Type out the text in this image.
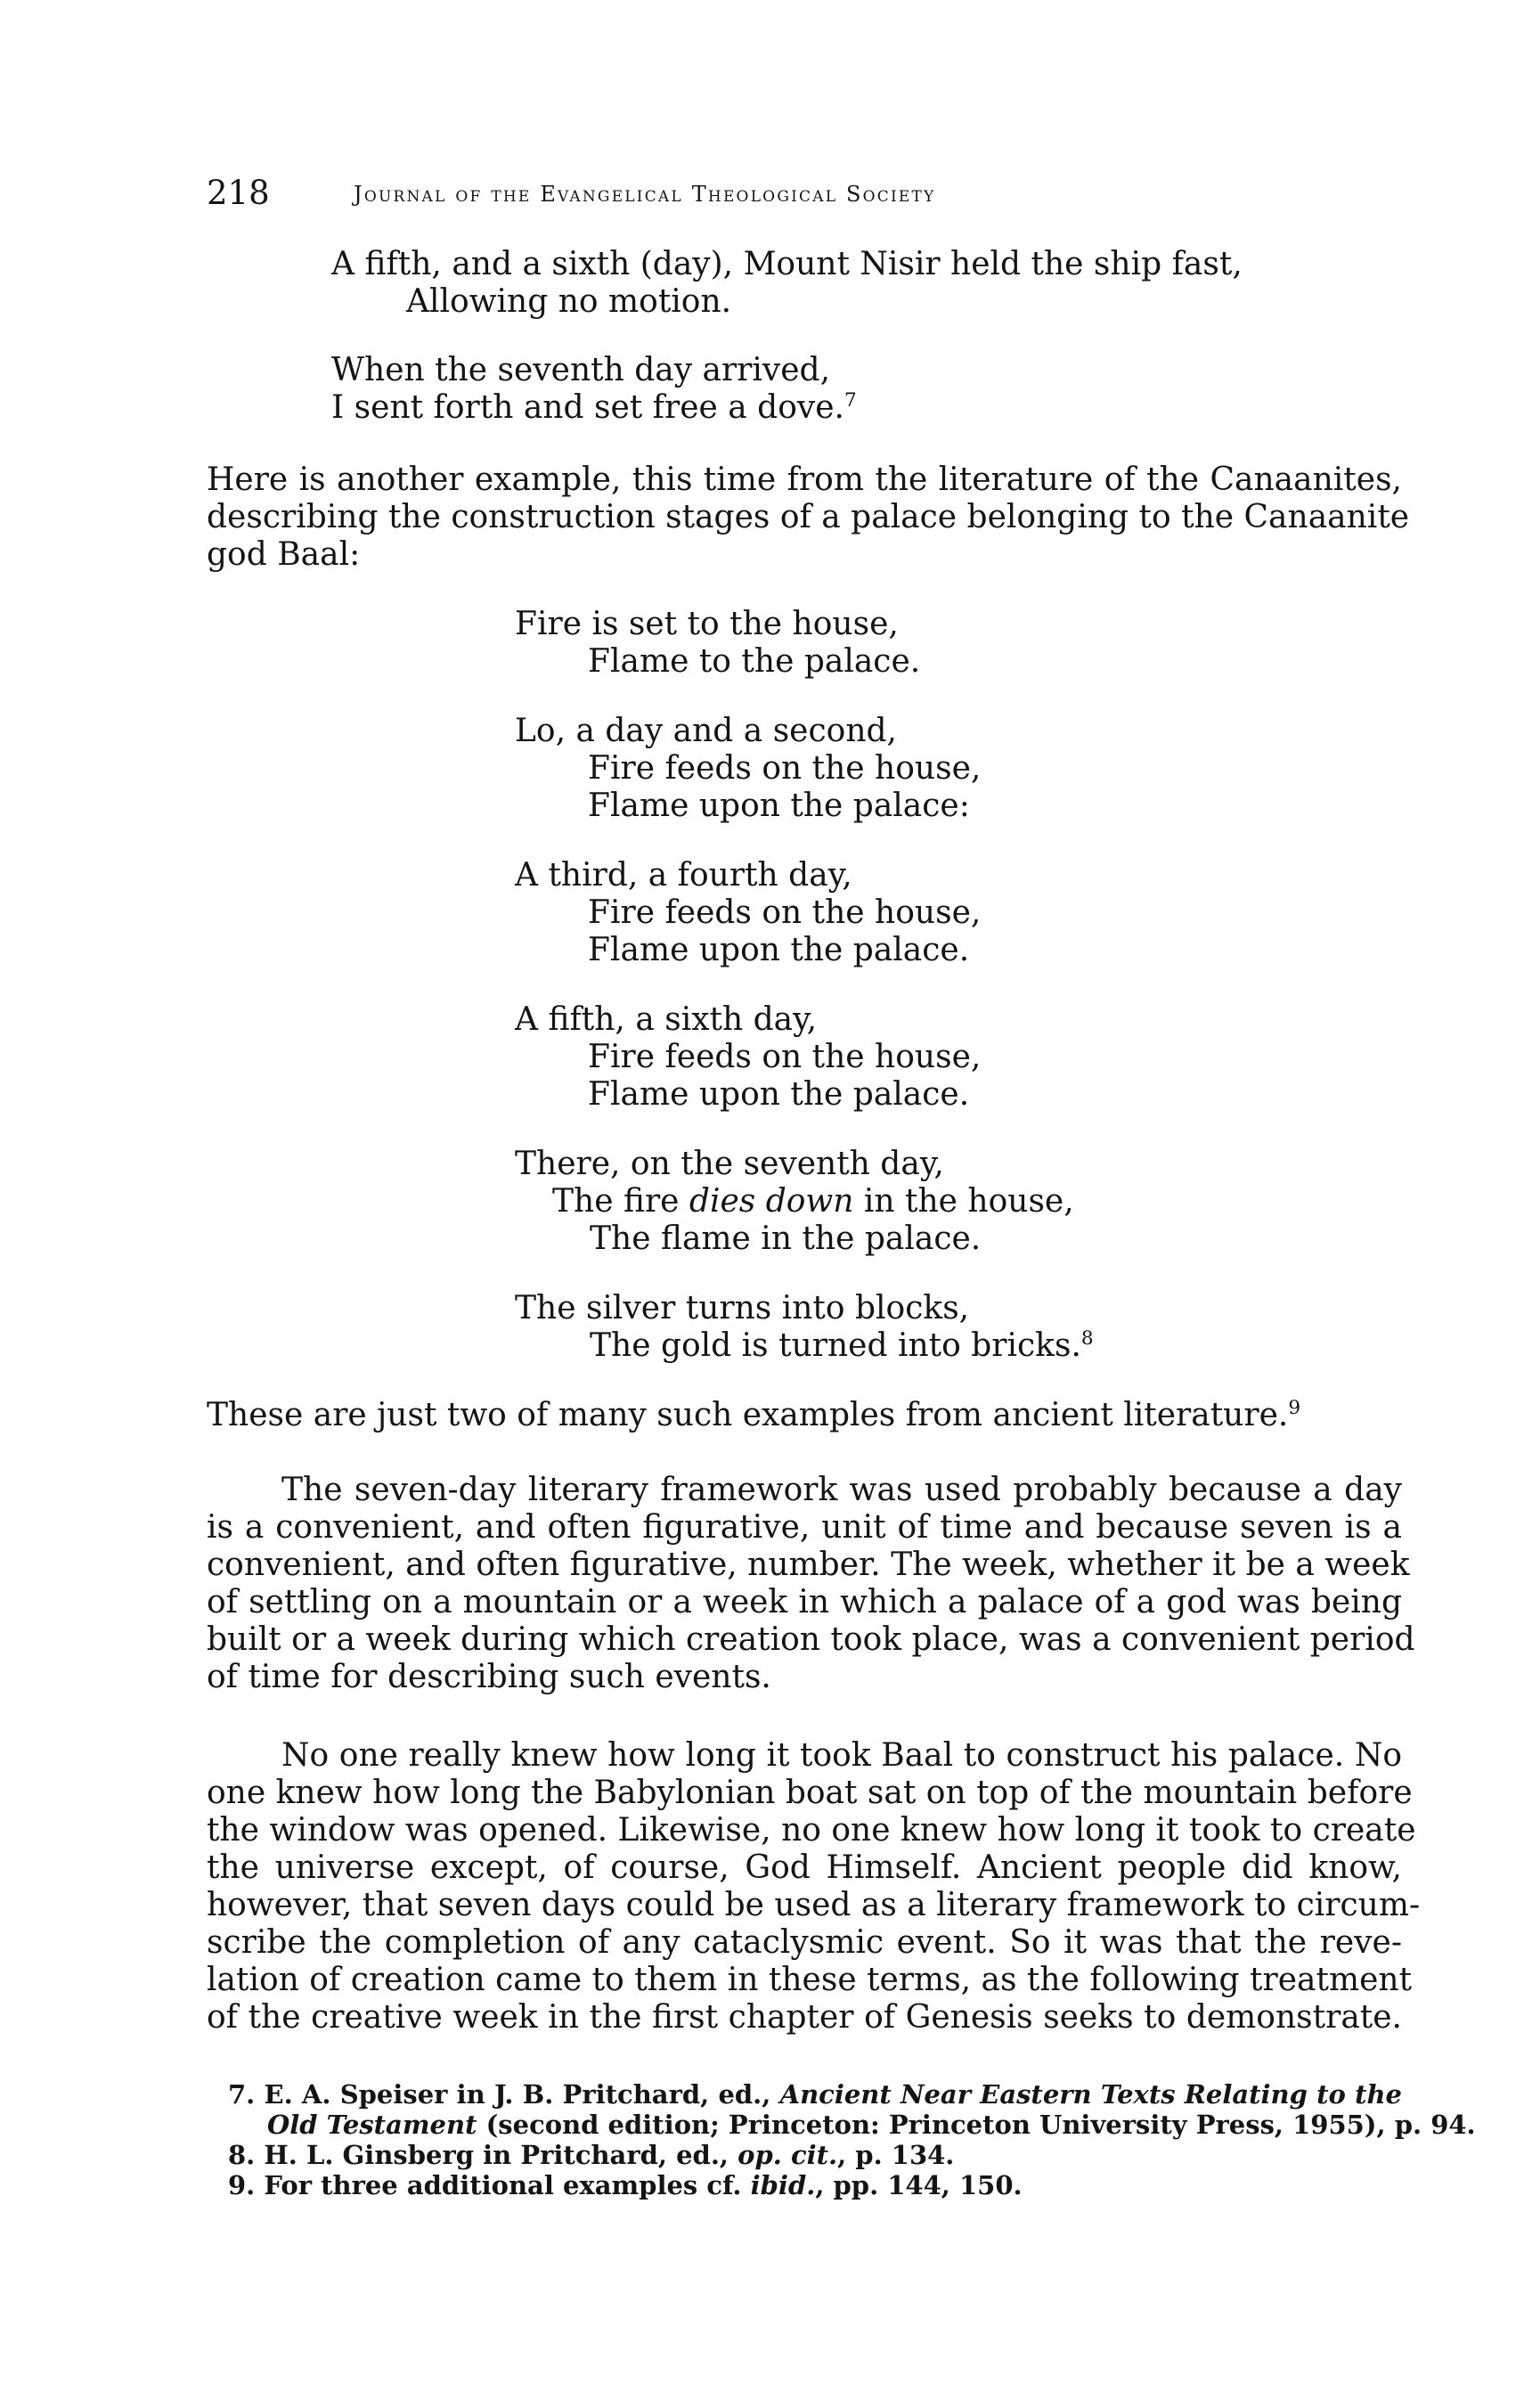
218	Journal of the Evangelical Theological Society
A fifth, and a sixth (day), Mount Nisir held the ship fast,
Allowing no motion.
When the seventh day arrived,
I sent forth and set free a dove.$^7$
Here is another example, this time from the literature of the Canaanites,
describing the construction stages of a palace belonging to the Canaanite
god Baal:
Fire is set to the house,
Flame to the palace.
Lo, a day and a second,
Fire feeds on the house,
Flame upon the palace:
A third, a fourth day,
Fire feeds on the house,
Flame upon the palace.
A fifth, a sixth day,
Fire feeds on the house,
Flame upon the palace.
There, on the seventh day,
The fire dies down in the house,
The flame in the palace.
The silver turns into blocks,
The gold is turned into bricks.$^8$
These are just two of many such examples from ancient literature.$^9$
The seven-day literary framework was used probably because a day
is a convenient, and often figurative, unit of time and because seven is a
convenient, and often figurative, number. The week, whether it be a week
of settling on a mountain or a week in which a palace of a god was being
built or a week during which creation took place, was a convenient period
of time for describing such events.
No one really knew how long it took Baal to construct his palace. No
one knew how long the Babylonian boat sat on top of the mountain before
the window was opened. Likewise, no one knew how long it took to create
the universe except, of course, God Himself. Ancient people did know,
however, that seven days could be used as a literary framework to circum-
scribe the completion of any cataclysmic event. So it was that the reve-
lation of creation came to them in these terms, as the following treatment
of the creative week in the first chapter of Genesis seeks to demonstrate.
7. E. A. Speiser in J. B. Pritchard, ed., Ancient Near Eastern Texts Relating to the
Old Testament (second edition; Princeton: Princeton University Press, 1955), p. 94.
8. H. L. Ginsberg in Pritchard, ed., op. cit., p. 134.
9. For three additional examples cf. ibid., pp. 144, 150.
